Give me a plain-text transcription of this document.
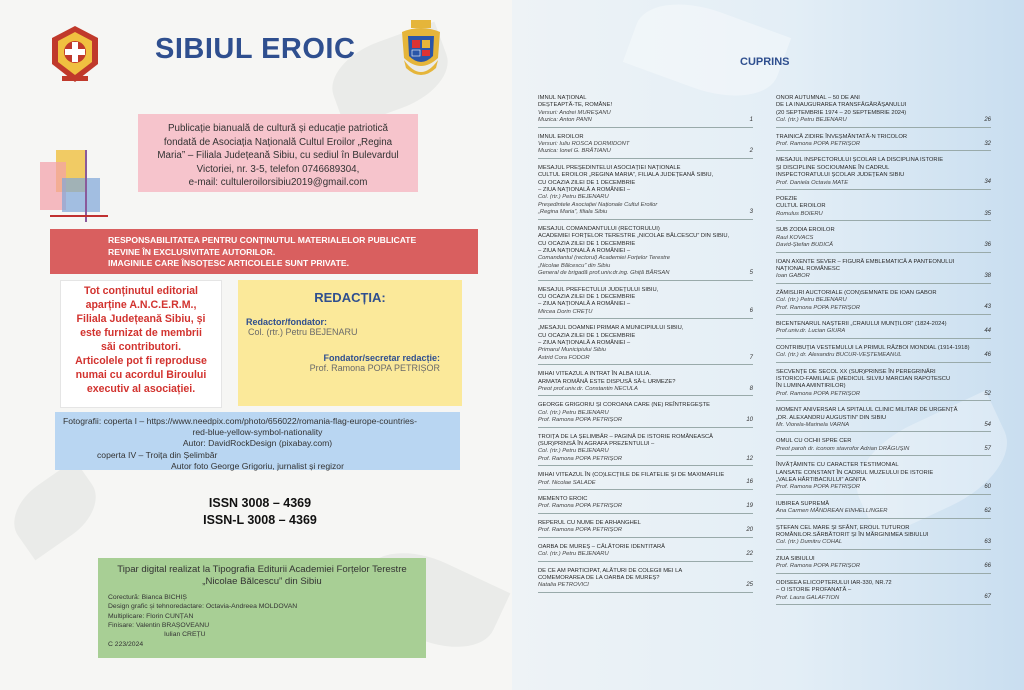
SIBIUL EROIC
Publicație bianuală de cultură și educație patriotică
fondată de Asociația Națională Cultul Eroilor „Regina
Maria” – Filiala Județeană Sibiu, cu sediul în Bulevardul
Victoriei, nr. 3-5, telefon 0746689304,
e-mail: cultuleroilorsibiu2019@gmail.com
RESPONSABILITATEA PENTRU CONȚINUTUL MATERIALELOR PUBLICATE
REVINE ÎN EXCLUSIVITATE AUTORILOR.
IMAGINILE CARE ÎNSOȚESC ARTICOLELE SUNT PRIVATE.
Tot conținutul editorial
aparține A.N.C.E.R.M.,
Filiala Județeană Sibiu, și
este furnizat de membrii
săi contributori.
Articolele pot fi reproduse
numai cu acordul Biroului
executiv al asociației.
REDACȚIA:
Redactor/fondator:
Col. (rtr.) Petru BEJENARU
Fondator/secretar redacție:
Prof. Ramona POPA PETRIȘOR
Fotografii: coperta I – https://www.needpix.com/photo/656022/romania-flag-europe-countries-
red-blue-yellow-symbol-nationality
Autor: DavidRockDesign (pixabay.com)
coperta IV – Troița din Șelimbăr
Autor foto George Grigoriu, jurnalist și regizor
ISSN 3008 – 4369
ISSN-L 3008 – 4369
Tipar digital realizat la Tipografia Editurii Academiei Forțelor Terestre
„Nicolae Bălcescu” din Sibiu
Corectură: Bianca BICHIȘ
Design grafic și tehnoredactare: Octavia-Andreea MOLDOVAN
Multiplicare: Florin CUNȚAN
Finisare: Valentin BRAȘOVEANU
Iulian CREȚU
C 223/2024
CUPRINS
IMNUL NAȚIONAL
DEȘTEAPTĂ-TE, ROMÂNE!
Versuri: Andrei MUREȘANU
Muzica: Anton PANN	1
IMNUL EROILOR
Versuri: Iuliu ROSCA DORMIDONT
Muzica: Ionel G. BRĂTIANU	2
MESAJUL PREȘEDINTELUI ASOCIAȚIEI NAȚIONALE
CULTUL EROILOR „REGINA MARIA”, FILIALA JUDEȚEANĂ SIBIU,
CU OCAZIA ZILEI DE 1 DECEMBRIE
– ZIUA NAȚIONALĂ A ROMÂNIEI –
Col. (rtr.) Petru BEJENARU
Președintele Asociației Naționale Cultul Eroilor
„Regina Maria”, filiala Sibiu	3
MESAJUL COMANDANTULUI (RECTORULUI)
ACADEMIEI FORȚELOR TERESTRE „NICOLAE BĂLCESCU” DIN SIBIU,
CU OCAZIA ZILEI DE 1 DECEMBRIE
– ZIUA NAȚIONALĂ A ROMÂNIEI –
Comandantul (rectorul) Academiei Forțelor Terestre
„Nicolae Bălcescu” din Sibiu
General de brigadă prof.univ.dr.ing. Ghiță BÂRSAN	5
MESAJUL PREFECTULUI JUDEȚULUI SIBIU,
CU OCAZIA ZILEI DE 1 DECEMBRIE
– ZIUA NAȚIONALĂ A ROMÂNIEI –
Mircea Dorin CREȚU	6
„MESAJUL DOAMNEI PRIMAR A MUNICIPIULUI SIBIU,
CU OCAZIA ZILEI DE 1 DECEMBRIE
– ZIUA NAȚIONALĂ A ROMÂNIEI –
Primarul Municipiului Sibiu
Astrid Cora FODOR	7
MIHAI VITEAZUL A INTRAT ÎN ALBA IULIA.
ARMATA ROMÂNĂ ESTE DISPUSĂ SĂ-L URMEZE?
Preot prof.univ.dr. Constantin NECULA	8
GEORGE GRIGORIU ȘI COROANA CARE (NE) REÎNTREGEȘTE
Col. (rtr.) Petru BEJENARU
Prof. Ramona POPA PETRIȘOR	10
TROIȚA DE LA ȘELIMBĂR – PAGINĂ DE ISTORIE ROMÂNEASCĂ
(SUR)PRINSĂ ÎN AGRAFA PREZENTULUI –
Col. (rtr.) Petru BEJENARU
Prof. Ramona POPA PETRIȘOR	12
MIHAI VITEAZUL ÎN (CO)LECȚIILE DE FILATELIE ȘI DE MAXIMAFILIE
Prof. Nicolae SALADE	16
MEMENTO EROIC
Prof. Ramona POPA PETRIȘOR	19
REPERUL CU NUME DE ARHANGHEL
Prof. Ramona POPA PETRIȘOR	20
OARBA DE MUREȘ – CĂLĂTORIE IDENTITARĂ
Col. (rtr.) Petru BEJENARU	22
DE CE AM PARTICIPAT, ALĂTURI DE COLEGII MEI LA
COMEMORAREA DE LA OARBA DE MUREȘ?
Natalia PETROVICI	25
ONOR AUTUMNAL – 50 DE ANI
DE LA INAUGURAREA TRANSFĂGĂRĂȘANULUI
(20 SEPTEMBRIE 1974 – 20 SEPTEMBRIE 2024)
Col. (rtr.) Petru BEJENARU	26
TRAINICĂ ZIDIRE ÎNVEȘMÂNTATĂ-N TRICOLOR
Prof. Ramona POPA PETRIȘOR	32
MESAJUL INSPECTORULUI ȘCOLAR LA DISCIPLINA ISTORIE
ȘI DISCIPLINE SOCIOUMANE ÎN CADRUL
INSPECTORATULUI ȘCOLAR JUDEȚEAN SIBIU
Prof. Daniela Octavia MATE	34
POEZIE
CULTUL EROILOR
Romulus BOIERU	35
SUB ZODIA EROILOR
Raul KOVACS
David-Ștefan BUDICĂ	36
IOAN AXENTE SEVER – FIGURĂ EMBLEMATICĂ A PANTEONULUI
NAȚIONAL ROMÂNESC
Ioan GABOR	38
ZĂMISLIRI AUCTORIALE (CON)SEMNATE DE IOAN GABOR
Col. (rtr.) Petru BEJENARU
Prof. Ramona POPA PETRIȘOR	43
BICENTENARUL NAȘTERII „CRAIULUI MUNȚILOR” (1824-2024)
Prof.univ.dr. Lucian GIURA	44
CONTRIBUȚIA VESTEMULUI LA PRIMUL RĂZBOI MONDIAL (1914-1918)
Col. (rtr.) dr. Alexandru BUCUR-VEȘTEMEANUL	46
SECVENȚE DE SECOL XX (SUR)PRINSE ÎN PEREGRINĂRI
ISTORICO-FAMILIALE (MEDICUL SILVIU MARCIAN RAPOTESCU
ÎN LUMINA AMINTIRILOR)
Prof. Ramona POPA PETRIȘOR	52
MOMENT ANIVERSAR LA SPITALUL CLINIC MILITAR DE URGENȚĂ
„DR. ALEXANDRU AUGUSTIN” DIN SIBIU
Mr. Viorela-Marinela VARNA	54
OMUL CU OCHII SPRE CER
Preot paroh dr. iconom stavrofor Adrian DRĂGUȘIN	57
ÎNVĂȚĂMINTE CU CARACTER TESTIMONIAL
LANSATE CONSTANT ÎN CADRUL MUZEULUI DE ISTORIE
„VALEA HÂRTIBACIULUI” AGNITA
Prof. Ramona POPA PETRIȘOR	60
IUBIREA SUPREMĂ
Ana Carmen MÂNDREAN EINHELLINGER	62
ȘTEFAN CEL MARE ȘI SFÂNT, EROUL TUTUROR
ROMÂNILOR.SĂRBĂTORIT ȘI ÎN MĂRGINIMEA SIBIULUI
Col. (rtr.) Dumitru COHAL	63
ZIUA SIBIULUI
Prof. Ramona POPA PETRIȘOR	66
ODISEEA ELICOPTERULUI IAR-330, NR.72
– O ISTORIE PROFANATĂ –
Prof. Laura GALAFTION	67
